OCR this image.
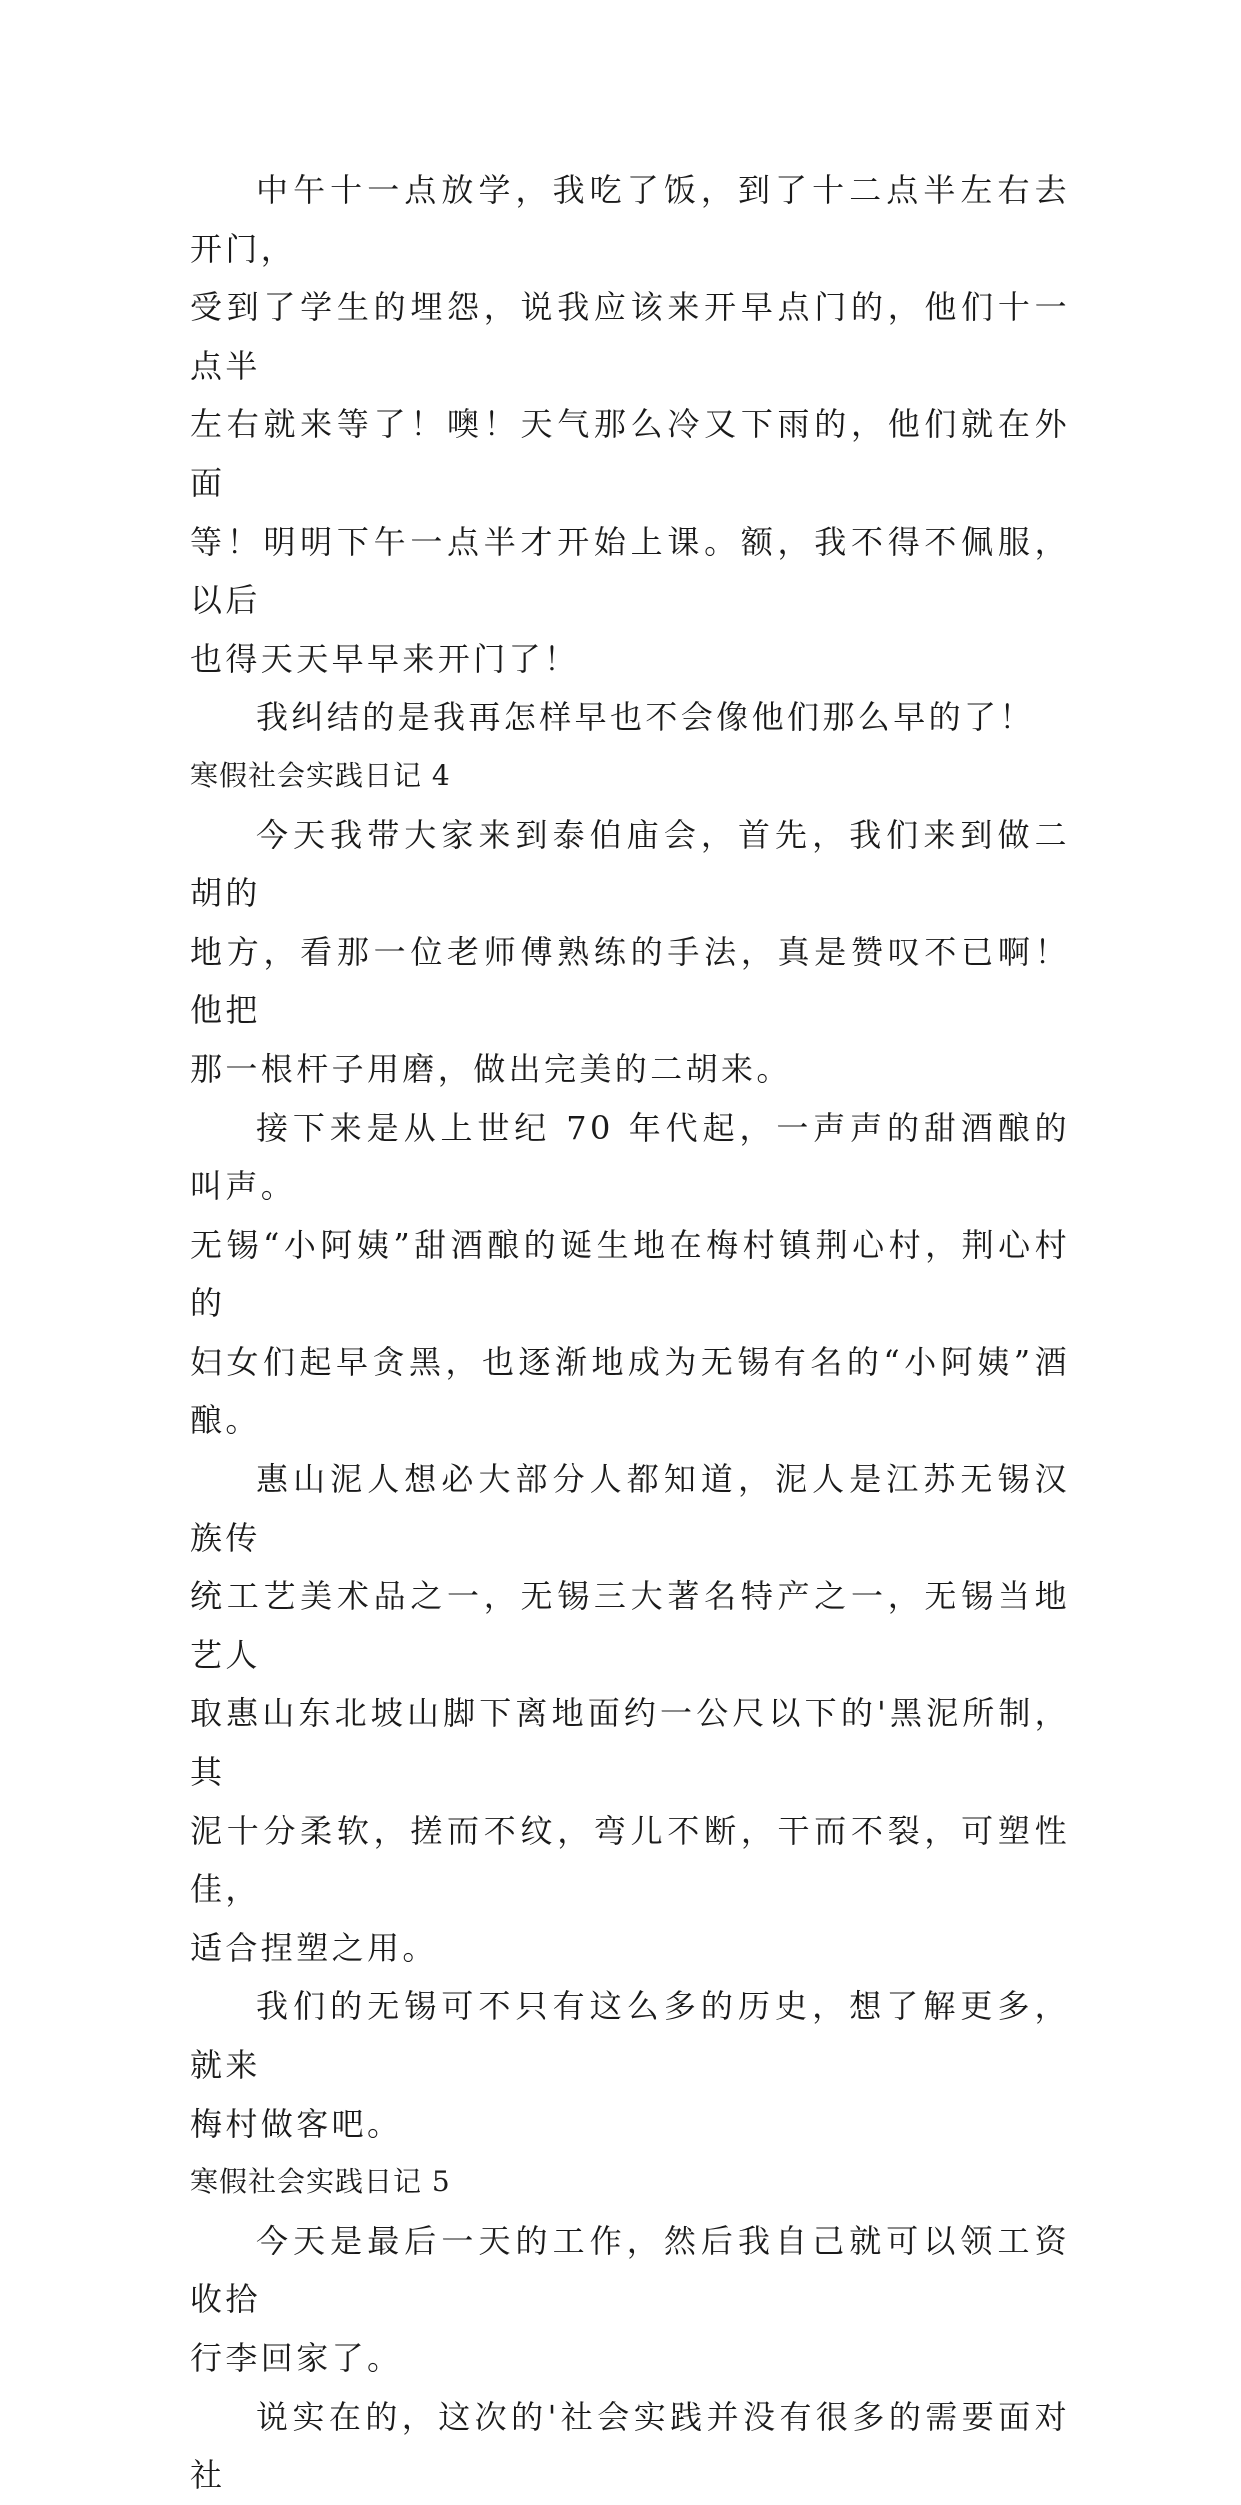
中午十一点放学，我吃了饭，到了十二点半左右去开门，
受到了学生的埋怨，说我应该来开早点门的，他们十一点半
左右就来等了！噢！天气那么冷又下雨的，他们就在外面
等！明明下午一点半才开始上课。额，我不得不佩服，以后
也得天天早早来开门了！

我纠结的是我再怎样早也不会像他们那么早的了！

寒假社会实践日记 4

今天我带大家来到泰伯庙会，首先，我们来到做二胡的
地方，看那一位老师傅熟练的手法，真是赞叹不已啊！他把
那一根杆子用磨，做出完美的二胡来。

接下来是从上世纪 70 年代起，一声声的甜酒酿的叫声。
无锡“小阿姨”甜酒酿的诞生地在梅村镇荆心村，荆心村的
妇女们起早贪黑，也逐渐地成为无锡有名的“小阿姨”酒酿。

惠山泥人想必大部分人都知道，泥人是江苏无锡汉族传
统工艺美术品之一，无锡三大著名特产之一，无锡当地艺人
取惠山东北坡山脚下离地面约一公尺以下的'黑泥所制，其
泥十分柔软，搓而不纹，弯儿不断，干而不裂，可塑性佳，
适合捏塑之用。

我们的无锡可不只有这么多的历史，想了解更多，就来
梅村做客吧。

寒假社会实践日记 5

今天是最后一天的工作，然后我自己就可以领工资收拾
行李回家了。

说实在的，这次的'社会实践并没有很多的需要面对社
